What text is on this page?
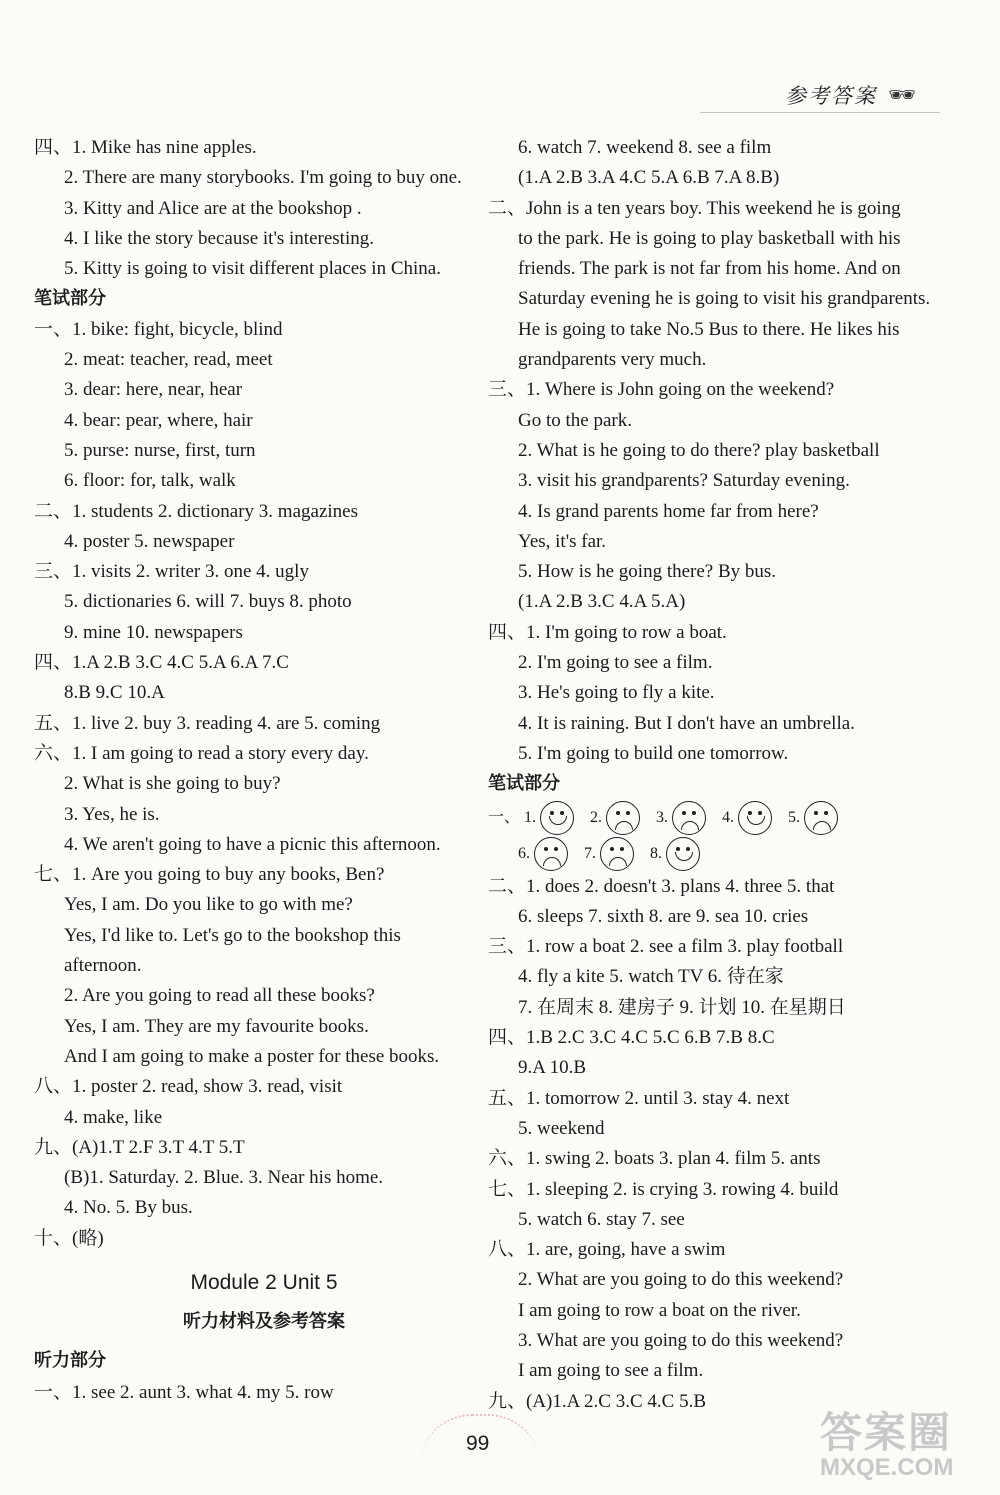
参考答案 🕶
四、1. Mike has nine apples.
2. There are many storybooks. I'm going to buy one.
3. Kitty and Alice are at the bookshop .
4. I like the story because it's interesting.
5. Kitty is going to visit different places in China.
笔试部分
一、1. bike: fight, bicycle, blind
2. meat: teacher, read, meet
3. dear: here, near, hear
4. bear: pear, where, hair
5. purse: nurse, first, turn
6. floor: for, talk, walk
二、1. students 2. dictionary 3. magazines
4. poster 5. newspaper
三、1. visits 2. writer 3. one 4. ugly
5. dictionaries 6. will 7. buys 8. photo
9. mine 10. newspapers
四、1.A 2.B 3.C 4.C 5.A 6.A 7.C
8.B 9.C 10.A
五、1. live 2. buy 3. reading 4. are 5. coming
六、1. I am going to read a story every day.
2. What is she going to buy?
3. Yes, he is.
4. We aren't going to have a picnic this afternoon.
七、1. Are you going to buy any books, Ben?
Yes, I am. Do you like to go with me?
Yes, I'd like to. Let's go to the bookshop this
afternoon.
2. Are you going to read all these books?
Yes, I am. They are my favourite books.
And I am going to make a poster for these books.
八、1. poster 2. read, show 3. read, visit
4. make, like
九、(A)1.T 2.F 3.T 4.T 5.T
(B)1. Saturday. 2. Blue. 3. Near his home.
4. No. 5. By bus.
十、(略)
Module 2 Unit 5
听力材料及参考答案
听力部分
一、1. see 2. aunt 3. what 4. my 5. row
6. watch 7. weekend 8. see a film
(1.A 2.B 3.A 4.C 5.A 6.B 7.A 8.B)
二、John is a ten years boy. This weekend he is going
to the park. He is going to play basketball with his
friends. The park is not far from his home. And on
Saturday evening he is going to visit his grandparents.
He is going to take No.5 Bus to there. He likes his
grandparents very much.
三、1. Where is John going on the weekend?
Go to the park.
2. What is he going to do there? play basketball
3. visit his grandparents? Saturday evening.
4. Is grand parents home far from here?
Yes, it's far.
5. How is he going there? By bus.
(1.A 2.B 3.C 4.A 5.A)
四、1. I'm going to row a boat.
2. I'm going to see a film.
3. He's going to fly a kite.
4. It is raining. But I don't have an umbrella.
5. I'm going to build one tomorrow.
笔试部分
一、 1.	2.	3.	4.	5.
6.	7.	8.
二、1. does 2. doesn't 3. plans 4. three 5. that
6. sleeps 7. sixth 8. are 9. sea 10. cries
三、1. row a boat 2. see a film 3. play football
4. fly a kite 5. watch TV 6. 待在家
7. 在周末 8. 建房子 9. 计划 10. 在星期日
四、1.B 2.C 3.C 4.C 5.C 6.B 7.B 8.C
9.A 10.B
五、1. tomorrow 2. until 3. stay 4. next
5. weekend
六、1. swing 2. boats 3. plan 4. film 5. ants
七、1. sleeping 2. is crying 3. rowing 4. build
5. watch 6. stay 7. see
八、1. are, going, have a swim
2. What are you going to do this weekend?
I am going to row a boat on the river.
3. What are you going to do this weekend?
I am going to see a film.
九、(A)1.A 2.C 3.C 4.C 5.B
99	答案圈
MXQE.COM
